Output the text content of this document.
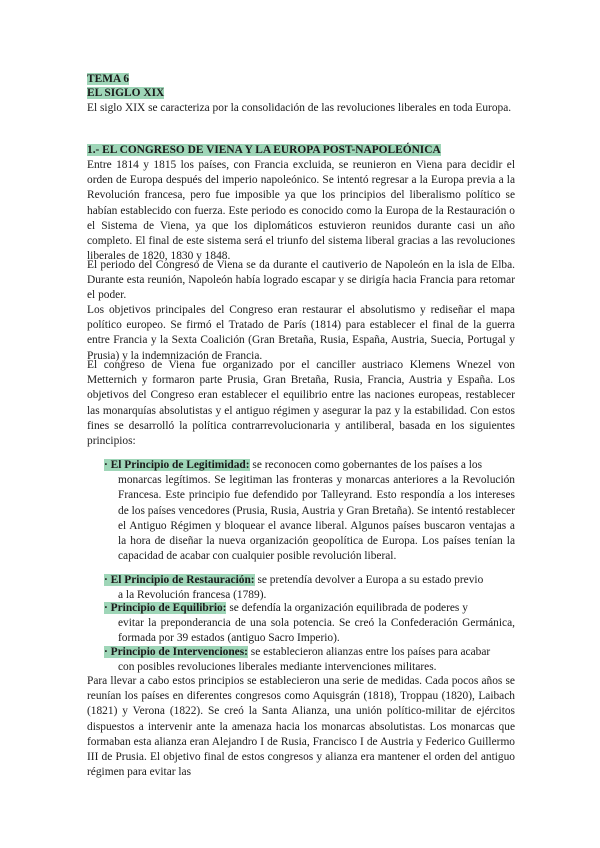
TEMA 6
EL SIGLO XIX
El siglo XIX se caracteriza por la consolidación de las revoluciones liberales en toda Europa.
1.- EL CONGRESO DE VIENA Y LA EUROPA POST-NAPOLEÓNICA
Entre 1814 y 1815 los países, con Francia excluida, se reunieron en Viena para decidir el orden de Europa después del imperio napoleónico. Se intentó regresar a la Europa previa a la Revolución francesa, pero fue imposible ya que los principios del liberalismo político se habían establecido con fuerza. Este periodo es conocido como la Europa de la Restauración o el Sistema de Viena, ya que los diplomáticos estuvieron reunidos durante casi un año completo. El final de este sistema será el triunfo del sistema liberal gracias a las revoluciones liberales de 1820, 1830 y 1848.
El periodo del Congreso de Viena se da durante el cautiverio de Napoleón en la isla de Elba. Durante esta reunión, Napoleón había logrado escapar y se dirigía hacia Francia para retomar el poder.
Los objetivos principales del Congreso eran restaurar el absolutismo y rediseñar el mapa político europeo. Se firmó el Tratado de París (1814) para establecer el final de la guerra entre Francia y la Sexta Coalición (Gran Bretaña, Rusia, España, Austria, Suecia, Portugal y Prusia) y la indemnización de Francia.
El congreso de Viena fue organizado por el canciller austriaco Klemens Wnezel von Metternich y formaron parte Prusia, Gran Bretaña, Rusia, Francia, Austria y España. Los objetivos del Congreso eran establecer el equilibrio entre las naciones europeas, restablecer las monarquías absolutistas y el antiguo régimen y asegurar la paz y la estabilidad. Con estos fines se desarrolló la política contrarrevolucionaria y antiliberal, basada en los siguientes principios:
· El Principio de Legitimidad: se reconocen como gobernantes de los países a los
monarcas legítimos. Se legitiman las fronteras y monarcas anteriores a la Revolución Francesa. Este principio fue defendido por Talleyrand. Esto respondía a los intereses de los países vencedores (Prusia, Rusia, Austria y Gran Bretaña). Se intentó restablecer el Antiguo Régimen y bloquear el avance liberal. Algunos países buscaron ventajas a la hora de diseñar la nueva organización geopolítica de Europa. Los países tenían la capacidad de acabar con cualquier posible revolución liberal.
· El Principio de Restauración: se pretendía devolver a Europa a su estado previo
a la Revolución francesa (1789).
· Principio de Equilibrio: se defendía la organización equilibrada de poderes y
evitar la preponderancia de una sola potencia. Se creó la Confederación Germánica, formada por 39 estados (antiguo Sacro Imperio).
· Principio de Intervenciones: se establecieron alianzas entre los países para acabar
con posibles revoluciones liberales mediante intervenciones militares.
Para llevar a cabo estos principios se establecieron una serie de medidas. Cada pocos años se reunían los países en diferentes congresos como Aquisgrán (1818), Troppau (1820), Laibach (1821) y Verona (1822). Se creó la Santa Alianza, una unión político-militar de ejércitos dispuestos a intervenir ante la amenaza hacia los monarcas absolutistas. Los monarcas que formaban esta alianza eran Alejandro I de Rusia, Francisco I de Austria y Federico Guillermo III de Prusia. El objetivo final de estos congresos y alianza era mantener el orden del antiguo régimen para evitar las
